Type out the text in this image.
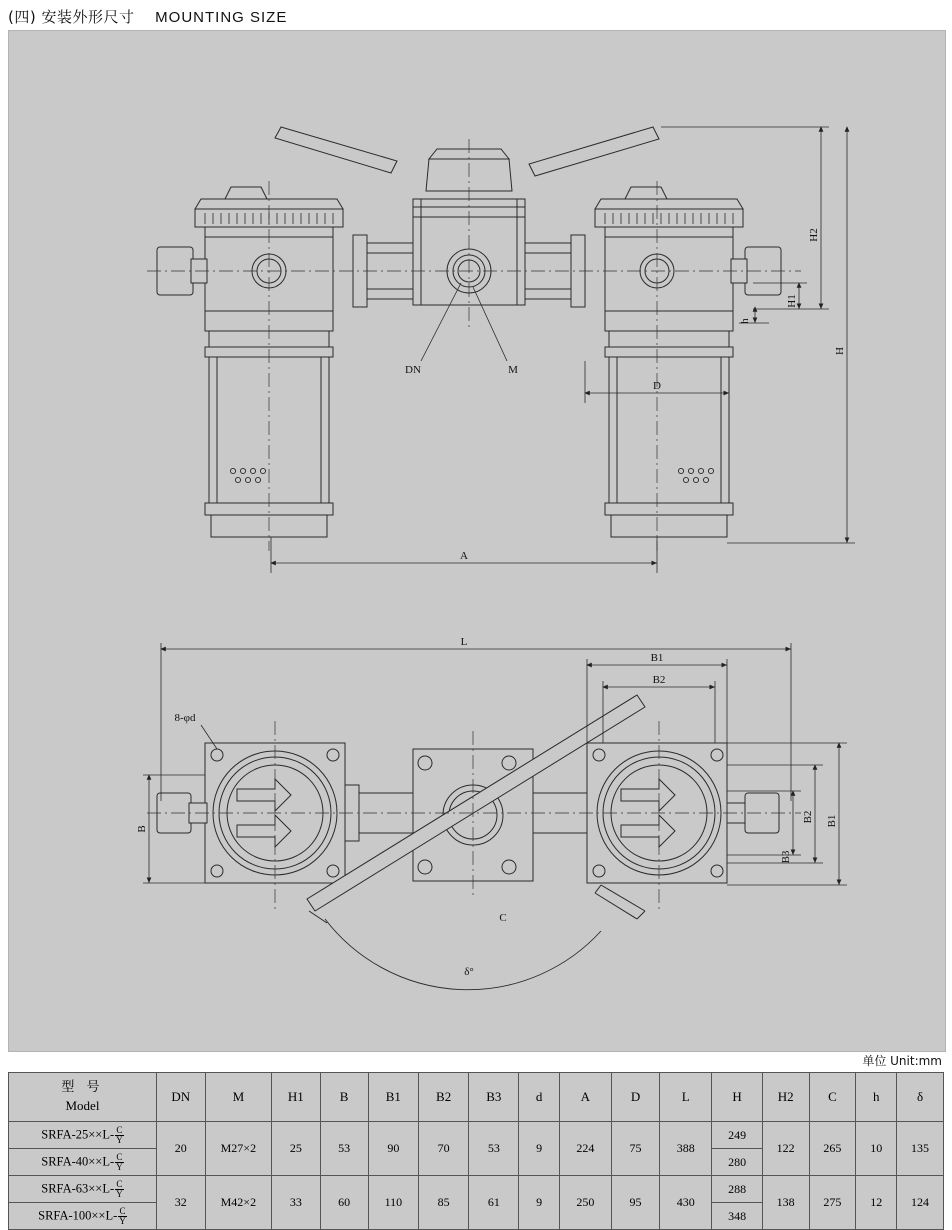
(四) 安装外形尺寸 MOUNTING SIZE
H2
H1
h
H
D
A
DN	M
L
B1
B2
B
B1
B2
B3
C
δ°
8-φd
单位 Unit:mm
型 号
Model	DN	M	H1	B	B1	B2	B3	d	A	D	L	H	H2	C	h	δ
SRFA-25××L- $\frac{C}{Y}$	20	M27×2	25	53	90	70	53	9	224	75	388	249	122	265	10	135
SRFA-40××L- $\frac{C}{Y}$												280				
SRFA-63××L- $\frac{C}{Y}$	32	M42×2	33	60	110	85	61	9	250	95	430	288	138	275	12	124
SRFA-100××L- $\frac{C}{Y}$												348				
